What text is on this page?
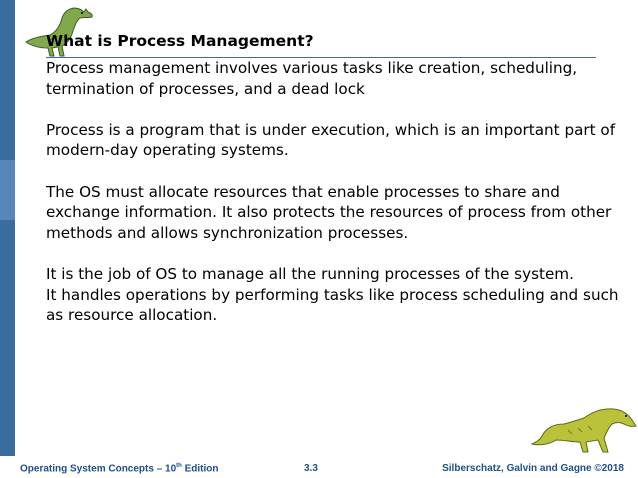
What is Process Management?

Process management involves various tasks like creation, scheduling, termination of processes, and a dead lock

Process is a program that is under execution, which is an important part of modern-day operating systems.

The OS must allocate resources that enable processes to share and exchange information. It also protects the resources of process from other methods and allows synchronization processes.

It is the job of OS to manage all the running processes of the system.

It handles operations by performing tasks like process scheduling and such as resource allocation.

Operating System Concepts – 10th Edition	3.3	Silberschatz, Galvin and Gagne ©2018
